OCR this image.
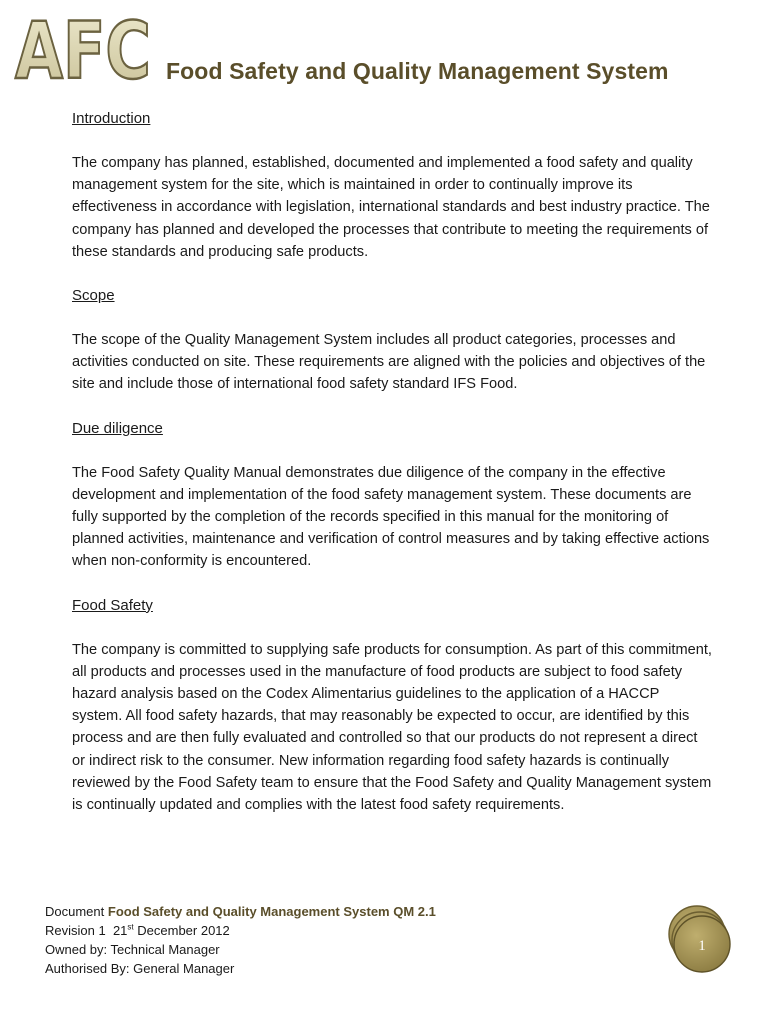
AFC Food Safety and Quality Management System
Introduction
The company has planned, established, documented and implemented a food safety and quality management system for the site, which is maintained in order to continually improve its effectiveness in accordance with legislation, international standards and best industry practice. The company has planned and developed the processes that contribute to meeting the requirements of these standards and producing safe products.
Scope
The scope of the Quality Management System includes all product categories, processes and activities conducted on site. These requirements are aligned with the policies and objectives of the site and include those of international food safety standard IFS Food.
Due diligence
The Food Safety Quality Manual demonstrates due diligence of the company in the effective development and implementation of the food safety management system. These documents are fully supported by the completion of the records specified in this manual for the monitoring of planned activities, maintenance and verification of control measures and by taking effective actions when non-conformity is encountered.
Food Safety
The company is committed to supplying safe products for consumption. As part of this commitment, all products and processes used in the manufacture of food products are subject to food safety hazard analysis based on the Codex Alimentarius guidelines to the application of a HACCP system. All food safety hazards, that may reasonably be expected to occur, are identified by this process and are then fully evaluated and controlled so that our products do not represent a direct or indirect risk to the consumer. New information regarding food safety hazards is continually reviewed by the Food Safety team to ensure that the Food Safety and Quality Management system is continually updated and complies with the latest food safety requirements.
Document Food Safety and Quality Management System QM 2.1
Revision 1 21st December 2012
Owned by: Technical Manager
Authorised By: General Manager
1
